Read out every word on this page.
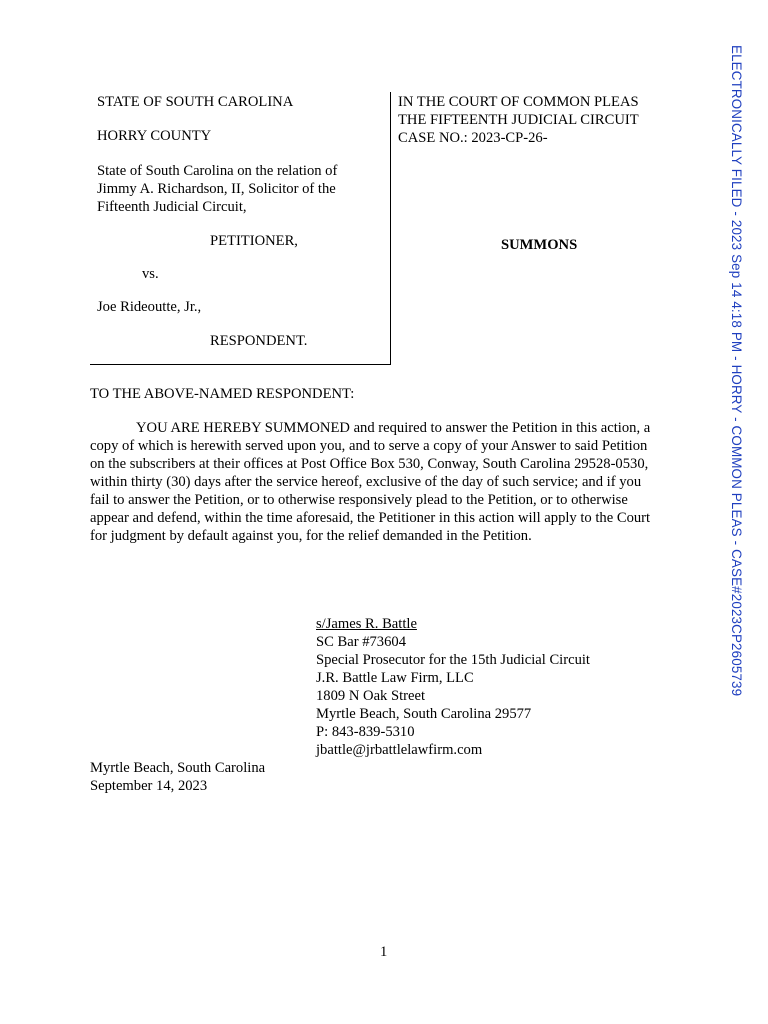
ELECTRONICALLY FILED - 2023 Sep 14 4:18 PM - HORRY - COMMON PLEAS - CASE#2023CP2605739
STATE OF SOUTH CAROLINA
HORRY COUNTY
State of South Carolina on the relation of
Jimmy A. Richardson, II, Solicitor of the
Fifteenth Judicial Circuit,
PETITIONER,
vs.
Joe Rideoutte, Jr.,
RESPONDENT.
IN THE COURT OF COMMON PLEAS
THE FIFTEENTH JUDICIAL CIRCUIT
CASE NO.: 2023-CP-26-
SUMMONS
TO THE ABOVE-NAMED RESPONDENT:
YOU ARE HEREBY SUMMONED and required to answer the Petition in this action, a
copy of which is herewith served upon you, and to serve a copy of your Answer to said Petition
on the subscribers at their offices at Post Office Box 530, Conway, South Carolina 29528-0530,
within thirty (30) days after the service hereof, exclusive of the day of such service; and if you
fail to answer the Petition, or to otherwise responsively plead to the Petition, or to otherwise
appear and defend, within the time aforesaid, the Petitioner in this action will apply to the Court
for judgment by default against you, for the relief demanded in the Petition.
s/James R. Battle
SC Bar #73604
Special Prosecutor for the 15th Judicial Circuit
J.R. Battle Law Firm, LLC
1809 N Oak Street
Myrtle Beach, South Carolina 29577
P: 843-839-5310
jbattle@jrbattlelawfirm.com
Myrtle Beach, South Carolina
September 14, 2023
1
